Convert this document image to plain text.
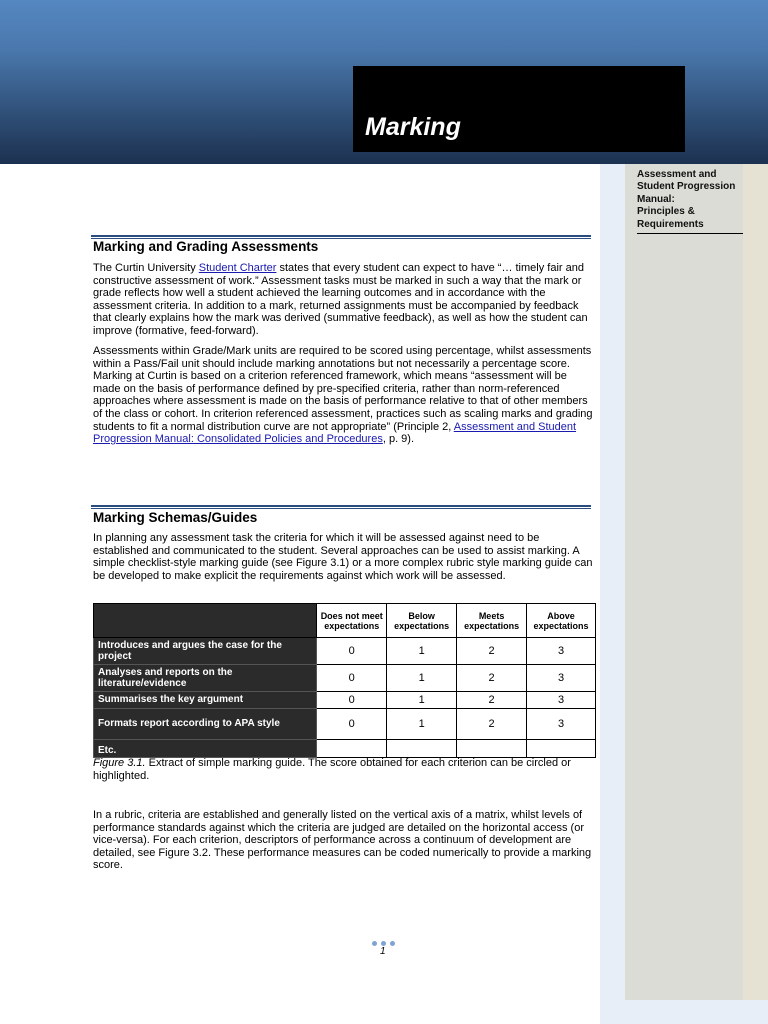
Marking
Assessment and
Student Progression
Manual:
Principles &
Requirements
Marking and Grading Assessments
The Curtin University Student Charter states that every student can expect to have “… timely fair and constructive assessment of work.” Assessment tasks must be marked in such a way that the mark or grade reflects how well a student achieved the learning outcomes and in accordance with the assessment criteria. In addition to a mark, returned assignments must be accompanied by feedback that clearly explains how the mark was derived (summative feedback), as well as how the student can improve (formative, feed-forward).
Assessments within Grade/Mark units are required to be scored using percentage, whilst assessments within a Pass/Fail unit should include marking annotations but not necessarily a percentage score. Marking at Curtin is based on a criterion referenced framework, which means “assessment will be made on the basis of performance defined by pre-specified criteria, rather than norm-referenced approaches where assessment is made on the basis of performance relative to that of other members of the class or cohort. In criterion referenced assessment, practices such as scaling marks and grading students to fit a normal distribution curve are not appropriate” (Principle 2, Assessment and Student Progression Manual: Consolidated Policies and Procedures, p. 9).
Marking Schemas/Guides
In planning any assessment task the criteria for which it will be assessed against need to be established and communicated to the student. Several approaches can be used to assist marking. A simple checklist-style marking guide (see Figure 3.1) or a more complex rubric style marking guide can be developed to make explicit the requirements against which work will be assessed.
	Does not meet expectations	Below expectations	Meets expectations	Above expectations
Introduces and argues the case for the project	0	1	2	3
Analyses and reports on the literature/evidence	0	1	2	3
Summarises the key argument	0	1	2	3
Formats report according to APA style	0	1	2	3
Etc.				
Figure 3.1. Extract of simple marking guide. The score obtained for each criterion can be circled or highlighted.
In a rubric, criteria are established and generally listed on the vertical axis of a matrix, whilst levels of performance standards against which the criteria are judged are detailed on the horizontal access (or vice-versa). For each criterion, descriptors of performance across a continuum of development are detailed, see Figure 3.2. These performance measures can be coded numerically to provide a marking score.
1
